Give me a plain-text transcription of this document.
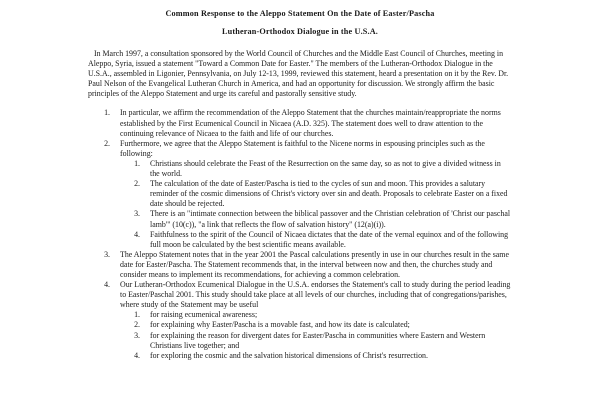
Common Response to the Aleppo Statement On the Date of Easter/Pascha
Lutheran-Orthodox Dialogue in the U.S.A.

In March 1997, a consultation sponsored by the World Council of Churches and the Middle East Council of Churches, meeting in Aleppo, Syria, issued a statement "Toward a Common Date for Easter." The members of the Lutheran-Orthodox Dialogue in the U.S.A., assembled in Ligonier, Pennsylvania, on July 12-13, 1999, reviewed this statement, heard a presentation on it by the Rev. Dr. Paul Nelson of the Evangelical Lutheran Church in America, and had an opportunity for discussion. We strongly affirm the basic principles of the Aleppo Statement and urge its careful and pastorally sensitive study.

1. In particular, we affirm the recommendation of the Aleppo Statement that the churches maintain/reappropriate the norms established by the First Ecumenical Council in Nicaea (A.D. 325). The statement does well to draw attention to the continuing relevance of Nicaea to the faith and life of our churches.
2. Furthermore, we agree that the Aleppo Statement is faithful to the Nicene norms in espousing principles such as the following:
1. Christians should celebrate the Feast of the Resurrection on the same day, so as not to give a divided witness in the world.
2. The calculation of the date of Easter/Pascha is tied to the cycles of sun and moon. This provides a salutary reminder of the cosmic dimensions of Christ's victory over sin and death. Proposals to celebrate Easter on a fixed date should be rejected.
3. There is an "intimate connection between the biblical passover and the Christian celebration of 'Christ our paschal lamb'" (10(c)), "a link that reflects the flow of salvation history" (12(a)(i)).
4. Faithfulness to the spirit of the Council of Nicaea dictates that the date of the vernal equinox and of the following full moon be calculated by the best scientific means available.
3. The Aleppo Statement notes that in the year 2001 the Pascal calculations presently in use in our churches result in the same date for Easter/Pascha. The Statement recommends that, in the interval between now and then, the churches study and consider means to implement its recommendations, for achieving a common celebration.
4. Our Lutheran-Orthodox Ecumenical Dialogue in the U.S.A. endorses the Statement's call to study during the period leading to Easter/Paschal 2001. This study should take place at all levels of our churches, including that of congregations/parishes, where study of the Statement may be useful
1. for raising ecumenical awareness;
2. for explaining why Easter/Pascha is a movable fast, and how its date is calculated;
3. for explaining the reason for divergent dates for Easter/Pascha in communities where Eastern and Western Christians live together; and
4. for exploring the cosmic and the salvation historical dimensions of Christ's resurrection.
